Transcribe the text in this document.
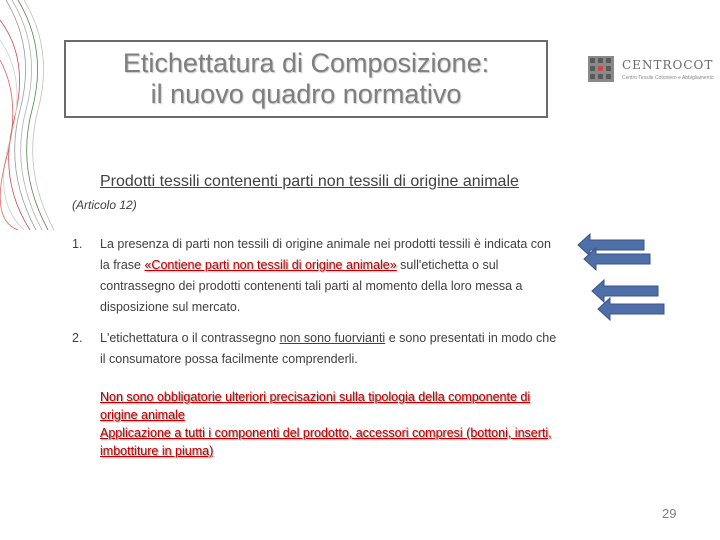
Etichettatura di Composizione:
il nuovo quadro normativo
CENTROCOT
Centro Tessile Cotoniero e Abbigliamento
Prodotti tessili contenenti parti non tessili di origine animale
(Articolo 12)
1. La presenza di parti non tessili di origine animale nei prodotti tessili è indicata con la frase «Contiene parti non tessili di origine animale» sull'etichetta o sul contrassegno dei prodotti contenenti tali parti al momento della loro messa a disposizione sul mercato.
2. L'etichettatura o il contrassegno non sono fuorvianti e sono presentati in modo che il consumatore possa facilmente comprenderli.
Non sono obbligatorie ulteriori precisazioni sulla tipologia della componente di origine animale
Applicazione a tutti i componenti del prodotto, accessori compresi (bottoni, inserti, imbottiture in piuma)
29
